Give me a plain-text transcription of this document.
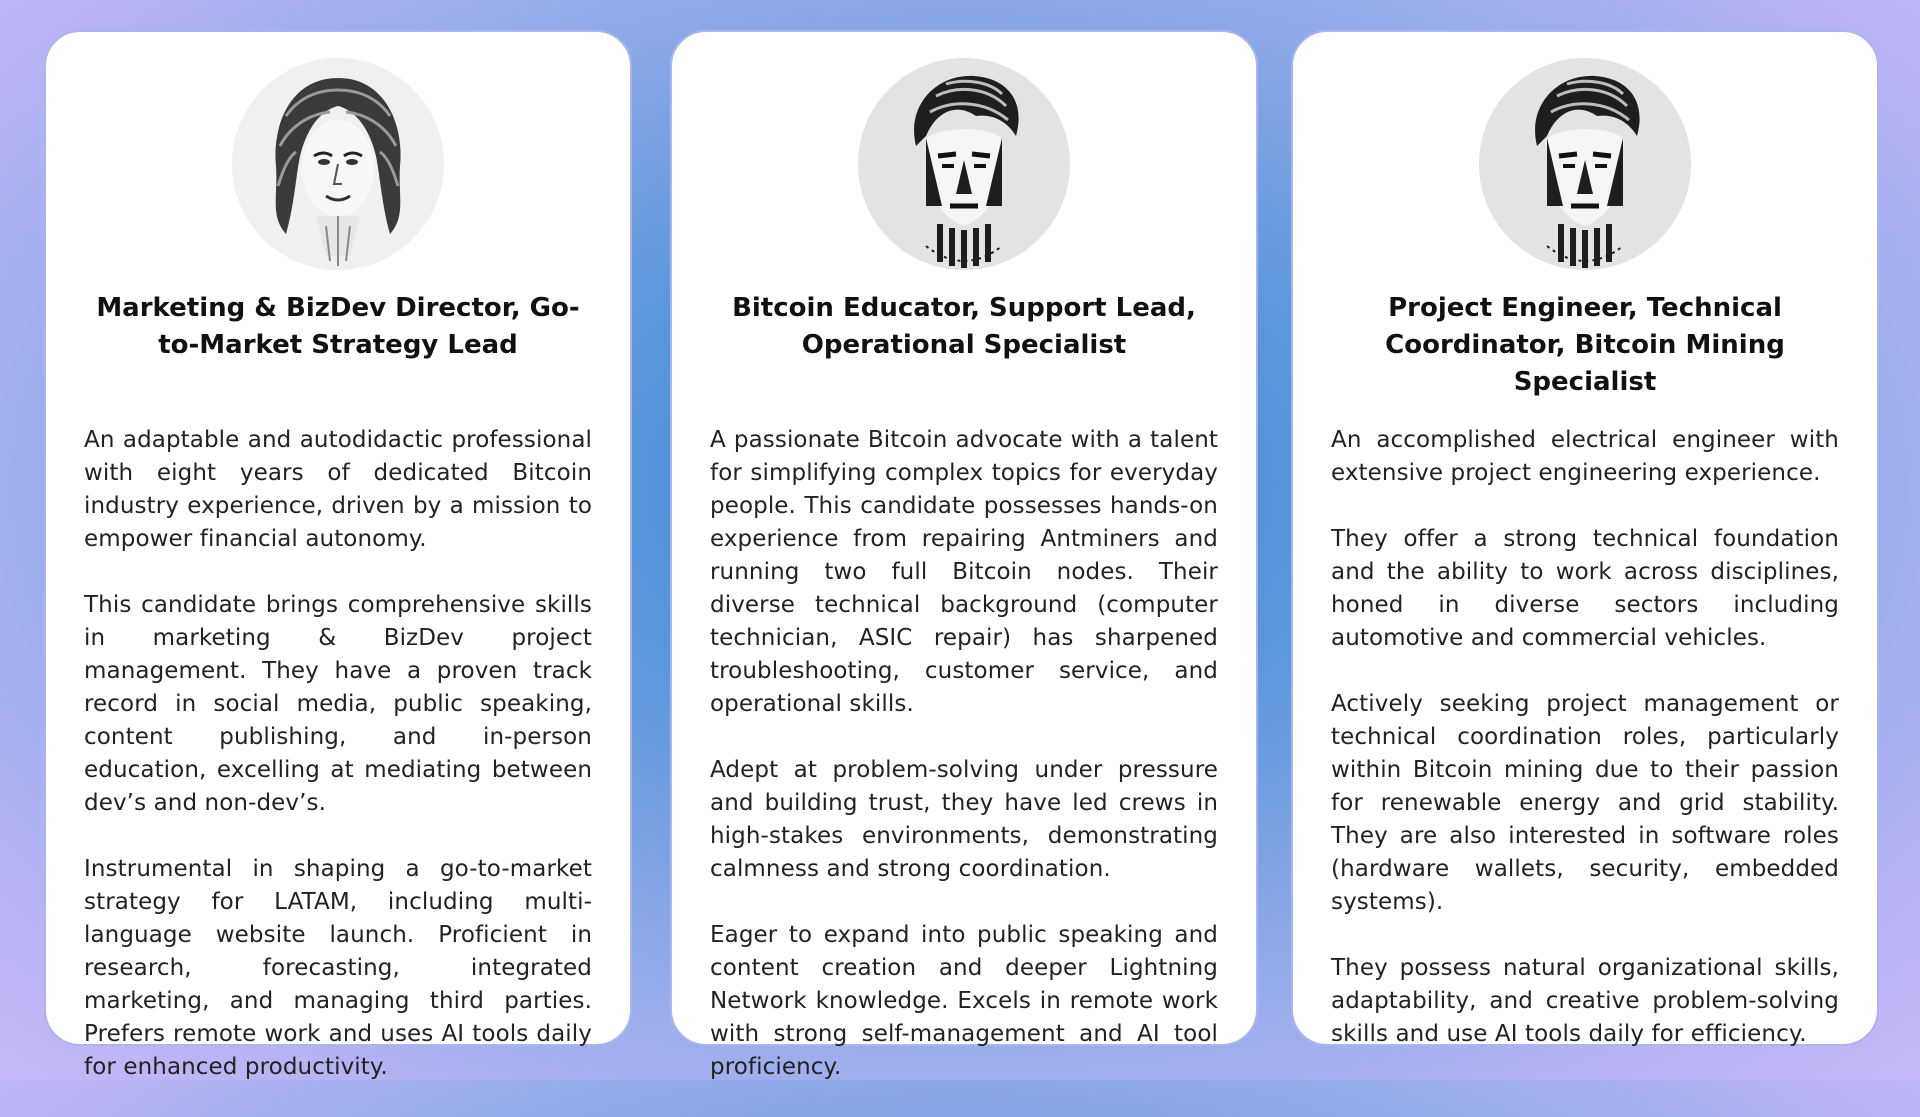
Marketing & BizDev Director, Go-to-Market Strategy Lead

An adaptable and autodidactic professional with eight years of dedicated Bitcoin industry experience, driven by a mission to empower financial autonomy.

This candidate brings comprehensive skills in marketing & BizDev project management. They have a proven track record in social media, public speaking, content publishing, and in-person education, excelling at mediating between dev’s and non-dev’s.

Instrumental in shaping a go-to-market strategy for LATAM, including multi-language website launch. Proficient in research, forecasting, integrated marketing, and managing third parties. Prefers remote work and uses AI tools daily for enhanced productivity.

Bitcoin Educator, Support Lead, Operational Specialist

A passionate Bitcoin advocate with a talent for simplifying complex topics for everyday people. This candidate possesses hands-on experience from repairing Antminers and running two full Bitcoin nodes. Their diverse technical background (computer technician, ASIC repair) has sharpened troubleshooting, customer service, and operational skills.

Adept at problem-solving under pressure and building trust, they have led crews in high-stakes environments, demonstrating calmness and strong coordination.

Eager to expand into public speaking and content creation and deeper Lightning Network knowledge. Excels in remote work with strong self-management and AI tool proficiency.

Project Engineer, Technical Coordinator, Bitcoin Mining Specialist

An accomplished electrical engineer with extensive project engineering experience.

They offer a strong technical foundation and the ability to work across disciplines, honed in diverse sectors including automotive and commercial vehicles.

Actively seeking project management or technical coordination roles, particularly within Bitcoin mining due to their passion for renewable energy and grid stability. They are also interested in software roles (hardware wallets, security, embedded systems).

They possess natural organizational skills, adaptability, and creative problem-solving skills and use AI tools daily for efficiency.
